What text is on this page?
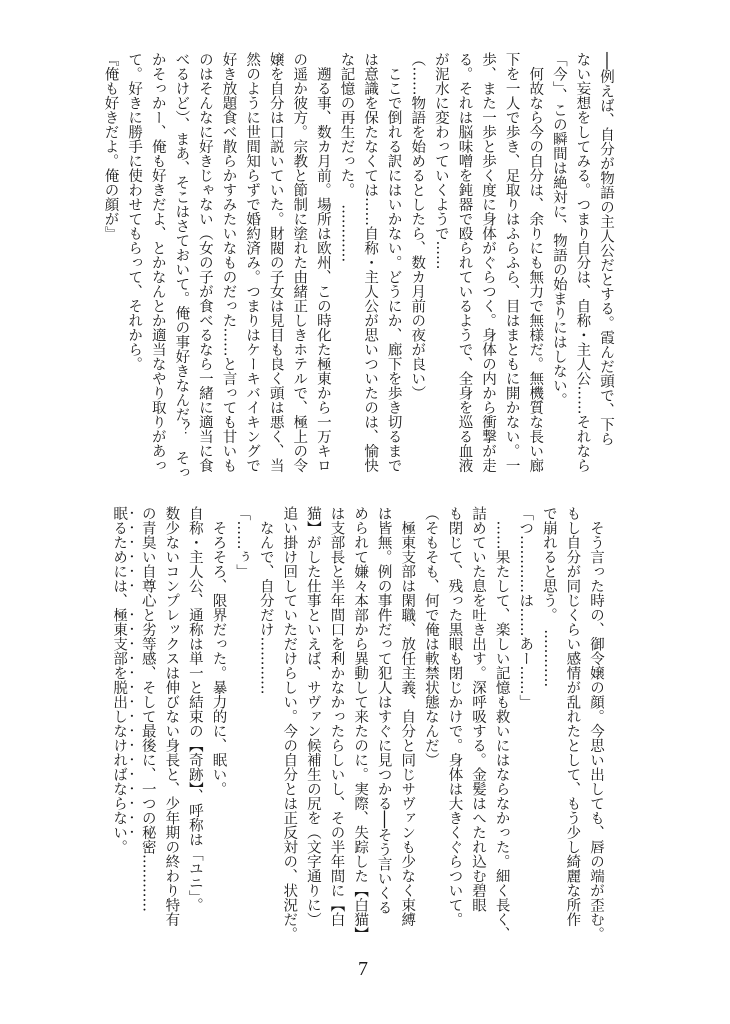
──例えば、自分が物語の主人公だとする。霞んだ頭で、下ら
ない妄想をしてみる。つまり自分は、自称・主人公……それなら
「今」、この瞬間は絶対に、物語の始まりにはしない。
　何故なら今の自分は、余りにも無力で無様だ。無機質な長い廊
下を一人で歩き、足取りはふらふら、目はまともに開かない。一
歩、また一歩と歩く度に身体がぐらつく。身体の内から衝撃が走
る。それは脳味噌を鈍器で殴られているようで、全身を巡る血液
が泥水に変わっていくようで……
（……物語を始めるとしたら、数カ月前の夜が良い）
　ここで倒れる訳にはいかない。どうにか、廊下を歩き切るまで
は意識を保たなくては……自称・主人公が思いついたのは、愉快
な記憶の再生だった。　…………
　遡る事、数カ月前。場所は欧州、この時化た極東から一万キロ
の遥か彼方。宗教と節制に塗れた由緒正しきホテルで、極上の令
嬢を自分は口説いていた。財閥の子女は見目も良く頭は悪く、当
然のように世間知らずで婚約済み。つまりはケーキバイキングで
好き放題食べ散らかすみたいなものだった……と言っても甘いも
のはそんなに好きじゃない（女の子が食べるなら一緒に適当に食
べるけど）、まあ、そこはさておいて。俺の事好きなんだ？　そっ
かそっかー、俺も好きだよ、とかなんとか適当なやり取りがあっ
て。好きに勝手に使わせてもらって、それから。
『俺も好きだよ。俺の顔が』
　そう言った時の、御令嬢の顔。今思い出しても、唇の端が歪む。
もし自分が同じくらい感情が乱れたとして、もう少し綺麗な所作
で崩れると思う。　…………
「つ…………は……あー……」
　……果たして、楽しい記憶も救いにはならなかった。細く長く、
詰めていた息を吐き出す。深呼吸する。金髪はへたれ込む碧眼
も閉じて、残った黒眼も閉じかけで。身体は大きくぐらついて。
（そもそも、何で俺は軟禁状態なんだ）
　極東支部は閑職、放任主義、自分と同じサヴァンも少なく束縛
は皆無。例の事件だって犯人はすぐに見つかる──そう言いくる
められて嫌々本部から異動して来たのに。実際、失踪した【白猫】
は支部長と半年間口を利かなかったらしいし、その半年間に【白
猫】がした仕事といえば、サヴァン候補生の尻を（文字通りに）
追い掛け回していただけらしい。今の自分とは正反対の、状況だ。
　なんで、自分だけ…………
「……ぅ」
　そろそろ、限界だった。暴力的に、眠い。
自称・主人公、通称は単一と結束の【奇跡】、呼称は「ユニ」。
数少ないコンプレックスは伸びない身長と、少年期の終わり特有
の青臭い自尊心と劣等感、そして最後に、一つの秘密…………
眠るためには、極東支部を脱出しなければならない。
7
